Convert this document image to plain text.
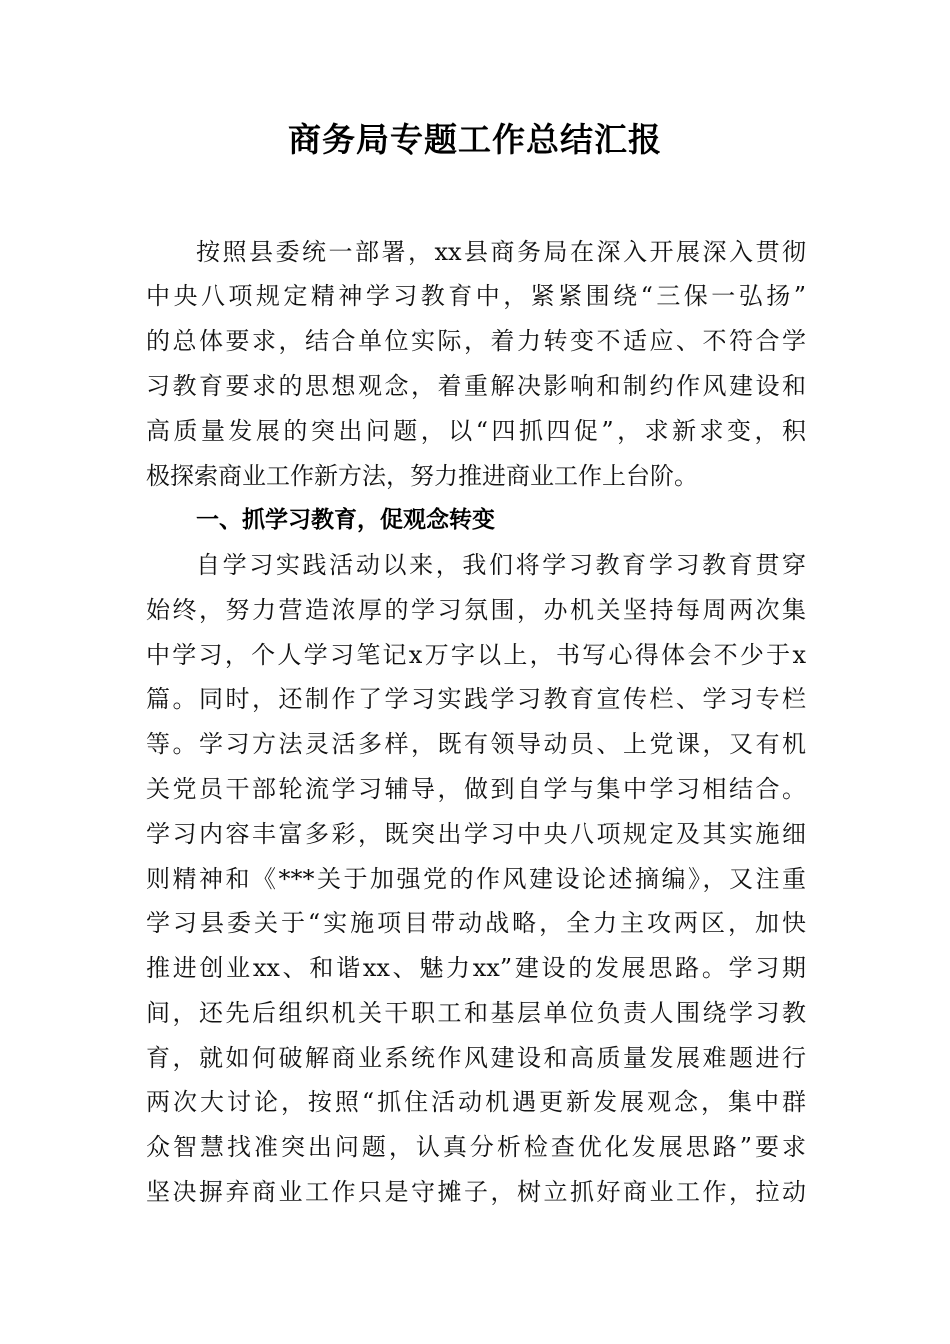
商务局专题工作总结汇报
按照县委统一部署，xx县商务局在深入开展深入贯彻
中央八项规定精神学习教育中，紧紧围绕“三保一弘扬”
的总体要求，结合单位实际，着力转变不适应、不符合学
习教育要求的思想观念，着重解决影响和制约作风建设和
高质量发展的突出问题，以“四抓四促”，求新求变，积
极探索商业工作新方法，努力推进商业工作上台阶。
一、抓学习教育，促观念转变
自学习实践活动以来，我们将学习教育学习教育贯穿
始终，努力营造浓厚的学习氛围，办机关坚持每周两次集
中学习，个人学习笔记x万字以上，书写心得体会不少于x
篇。同时，还制作了学习实践学习教育宣传栏、学习专栏
等。学习方法灵活多样，既有领导动员、上党课，又有机
关党员干部轮流学习辅导，做到自学与集中学习相结合。
学习内容丰富多彩，既突出学习中央八项规定及其实施细
则精神和《***关于加强党的作风建设论述摘编》，又注重
学习县委关于“实施项目带动战略，全力主攻两区，加快
推进创业xx、和谐xx、魅力xx”建设的发展思路。学习期
间，还先后组织机关干职工和基层单位负责人围绕学习教
育，就如何破解商业系统作风建设和高质量发展难题进行
两次大讨论，按照“抓住活动机遇更新发展观念，集中群
众智慧找准突出问题，认真分析检查优化发展思路”要求
坚决摒弃商业工作只是守摊子，树立抓好商业工作，拉动
